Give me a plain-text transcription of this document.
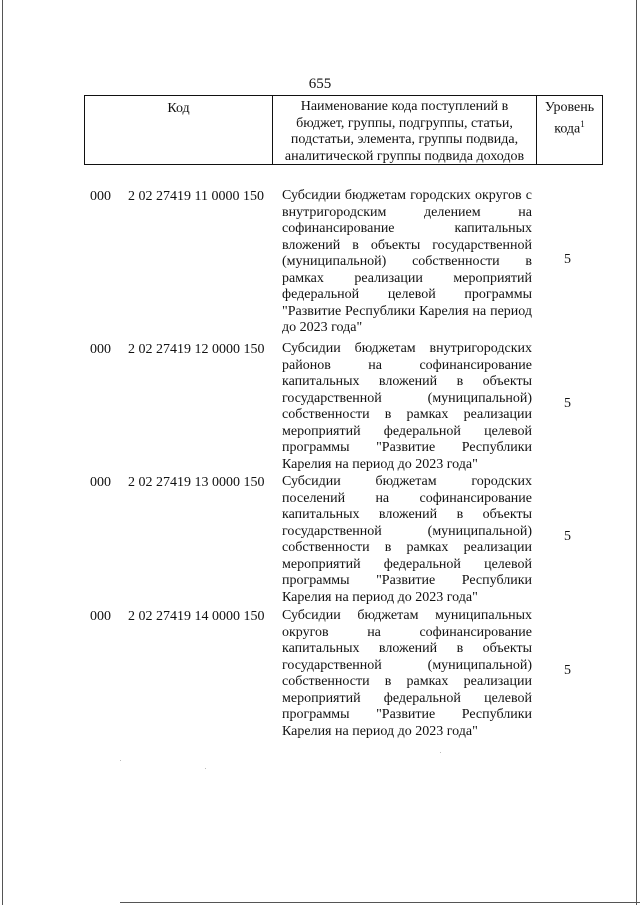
655
Код	Наименование кода поступлений в бюджет, группы, подгруппы, статьи, подстатьи, элемента, группы подвида, аналитической группы подвида доходов
Уровень
кода$^1$
000 2 02 27419 11 0000 150 Субсидии бюджетам городских округов с внутригородским делением на софинансирование капитальных вложений в объекты государственной (муниципальной) собственности в рамках реализации мероприятий федеральной целевой программы "Развитие Республики Карелия на период до 2023 года"
5
000 2 02 27419 12 0000 150 Субсидии бюджетам внутригородских районов на софинансирование капитальных вложений в объекты государственной (муниципальной) собственности в рамках реализации мероприятий федеральной целевой программы "Развитие Республики Карелия на период до 2023 года"
5
000 2 02 27419 13 0000 150 Субсидии бюджетам городских поселений на софинансирование капитальных вложений в объекты государственной (муниципальной) собственности в рамках реализации мероприятий федеральной целевой программы "Развитие Республики Карелия на период до 2023 года"
5
000 2 02 27419 14 0000 150 Субсидии бюджетам муниципальных округов на софинансирование капитальных вложений в объекты государственной (муниципальной) собственности в рамках реализации мероприятий федеральной целевой программы "Развитие Республики Карелия на период до 2023 года"
5
